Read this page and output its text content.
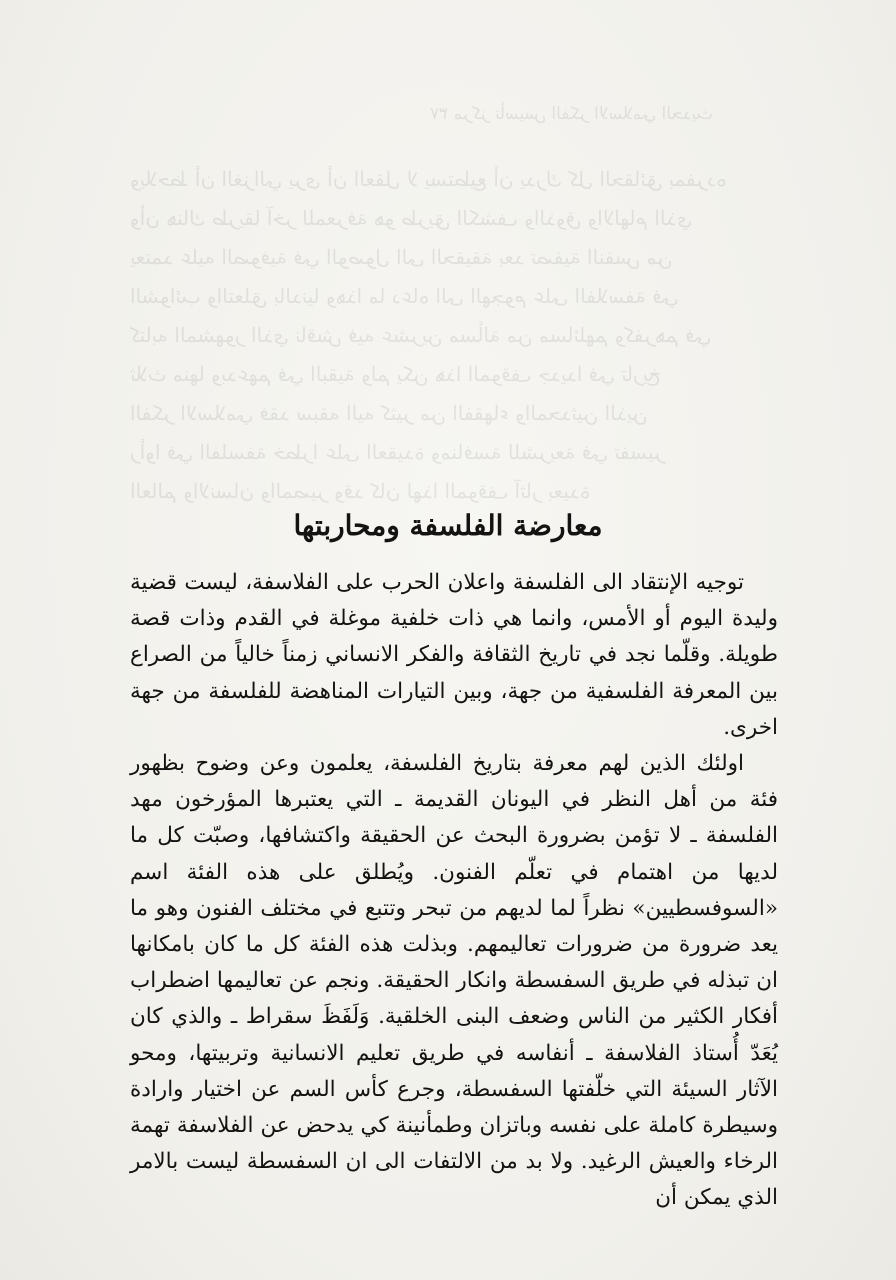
٣٧ مركز تأسيس الفكر الاسلامي الحديث
ويلاحظ أن الغزالي يرى أن العقل لا يستطيع أن يدرك كل الحقائق بمفرده
وأن هناك طريقا آخر للمعرفة هو طريق الكشف والذوق والالهام الذي
يعتمد عليه الصوفية في الوصول الى الحقيقة بعد تصفية النفس من
الشوائب والتعلق بالدنيا وهذا ما دعاه الى الهجوم على الفلاسفة في
كتابه المشهور الذي ناقش فيه عشرين مسألة من مسائلهم وكفرهم في
ثلاث منها وبدعهم في البقية ولم يكن هذا الموقف جديدا في تاريخ
الفكر الاسلامي فقد سبقه اليه كثير من الفقهاء والمحدثين الذين
رأوا في الفلسفة خطرا على العقيدة ومنافسة للشريعة في تفسير
العالم والانسان والمصير وقد كان لهذا الموقف آثار بعيدة
معارضة الفلسفة ومحاربتها

توجيه الإنتقاد الى الفلسفة واعلان الحرب على الفلاسفة، ليست قضية وليدة اليوم أو الأمس، وانما هي ذات خلفية موغلة في القدم وذات قصة طويلة. وقلّما نجد في تاريخ الثقافة والفكر الانساني زمناً خالياً من الصراع بين المعرفة الفلسفية من جهة، وبين التيارات المناهضة للفلسفة من جهة اخرى.

اولئك الذين لهم معرفة بتاريخ الفلسفة، يعلمون وعن وضوح بظهور فئة من أهل النظر في اليونان القديمة ـ التي يعتبرها المؤرخون مهد الفلسفة ـ لا تؤمن بضرورة البحث عن الحقيقة واكتشافها، وصبّت كل ما لديها من اهتمام في تعلّم الفنون. ويُطلق على هذه الفئة اسم «السوفسطيين» نظراً لما لديهم من تبحر وتتبع في مختلف الفنون وهو ما يعد ضرورة من ضرورات تعاليمهم. وبذلت هذه الفئة كل ما كان بامكانها ان تبذله في طريق السفسطة وانكار الحقيقة. ونجم عن تعاليمها اضطراب أفكار الكثير من الناس وضعف البنى الخلقية. وَلَفَظَ سقراط ـ والذي كان يُعَدّ أُستاذ الفلاسفة ـ أنفاسه في طريق تعليم الانسانية وتربيتها، ومحو الآثار السيئة التي خلّفتها السفسطة، وجرع كأس السم عن اختيار وارادة وسيطرة كاملة على نفسه وباتزان وطمأنينة كي يدحض عن الفلاسفة تهمة الرخاء والعيش الرغيد. ولا بد من الالتفات الى ان السفسطة ليست بالامر الذي يمكن أن
